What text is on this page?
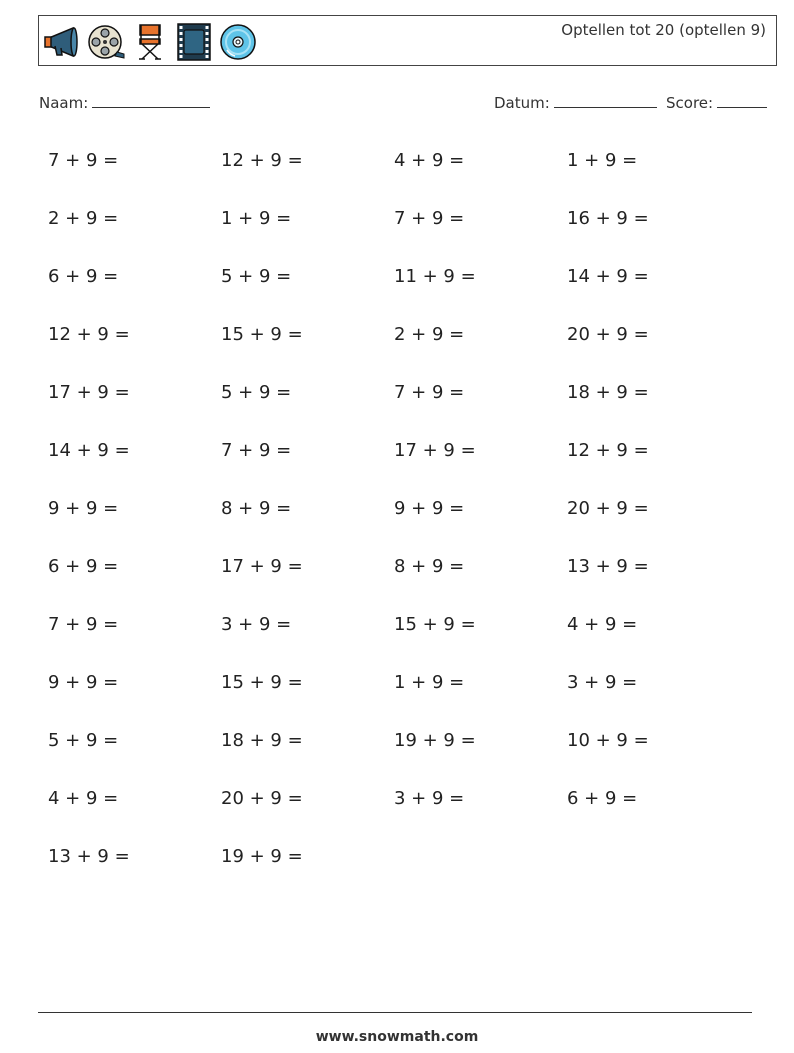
Optellen tot 20 (optellen 9)
Naam:	Datum:	Score:
7 + 9 =	12 + 9 =	4 + 9 =	1 + 9 =
2 + 9 =	1 + 9 =	7 + 9 =	16 + 9 =
6 + 9 =	5 + 9 =	11 + 9 =	14 + 9 =
12 + 9 =	15 + 9 =	2 + 9 =	20 + 9 =
17 + 9 =	5 + 9 =	7 + 9 =	18 + 9 =
14 + 9 =	7 + 9 =	17 + 9 =	12 + 9 =
9 + 9 =	8 + 9 =	9 + 9 =	20 + 9 =
6 + 9 =	17 + 9 =	8 + 9 =	13 + 9 =
7 + 9 =	3 + 9 =	15 + 9 =	4 + 9 =
9 + 9 =	15 + 9 =	1 + 9 =	3 + 9 =
5 + 9 =	18 + 9 =	19 + 9 =	10 + 9 =
4 + 9 =	20 + 9 =	3 + 9 =	6 + 9 =
13 + 9 =	19 + 9 =
www.snowmath.com
